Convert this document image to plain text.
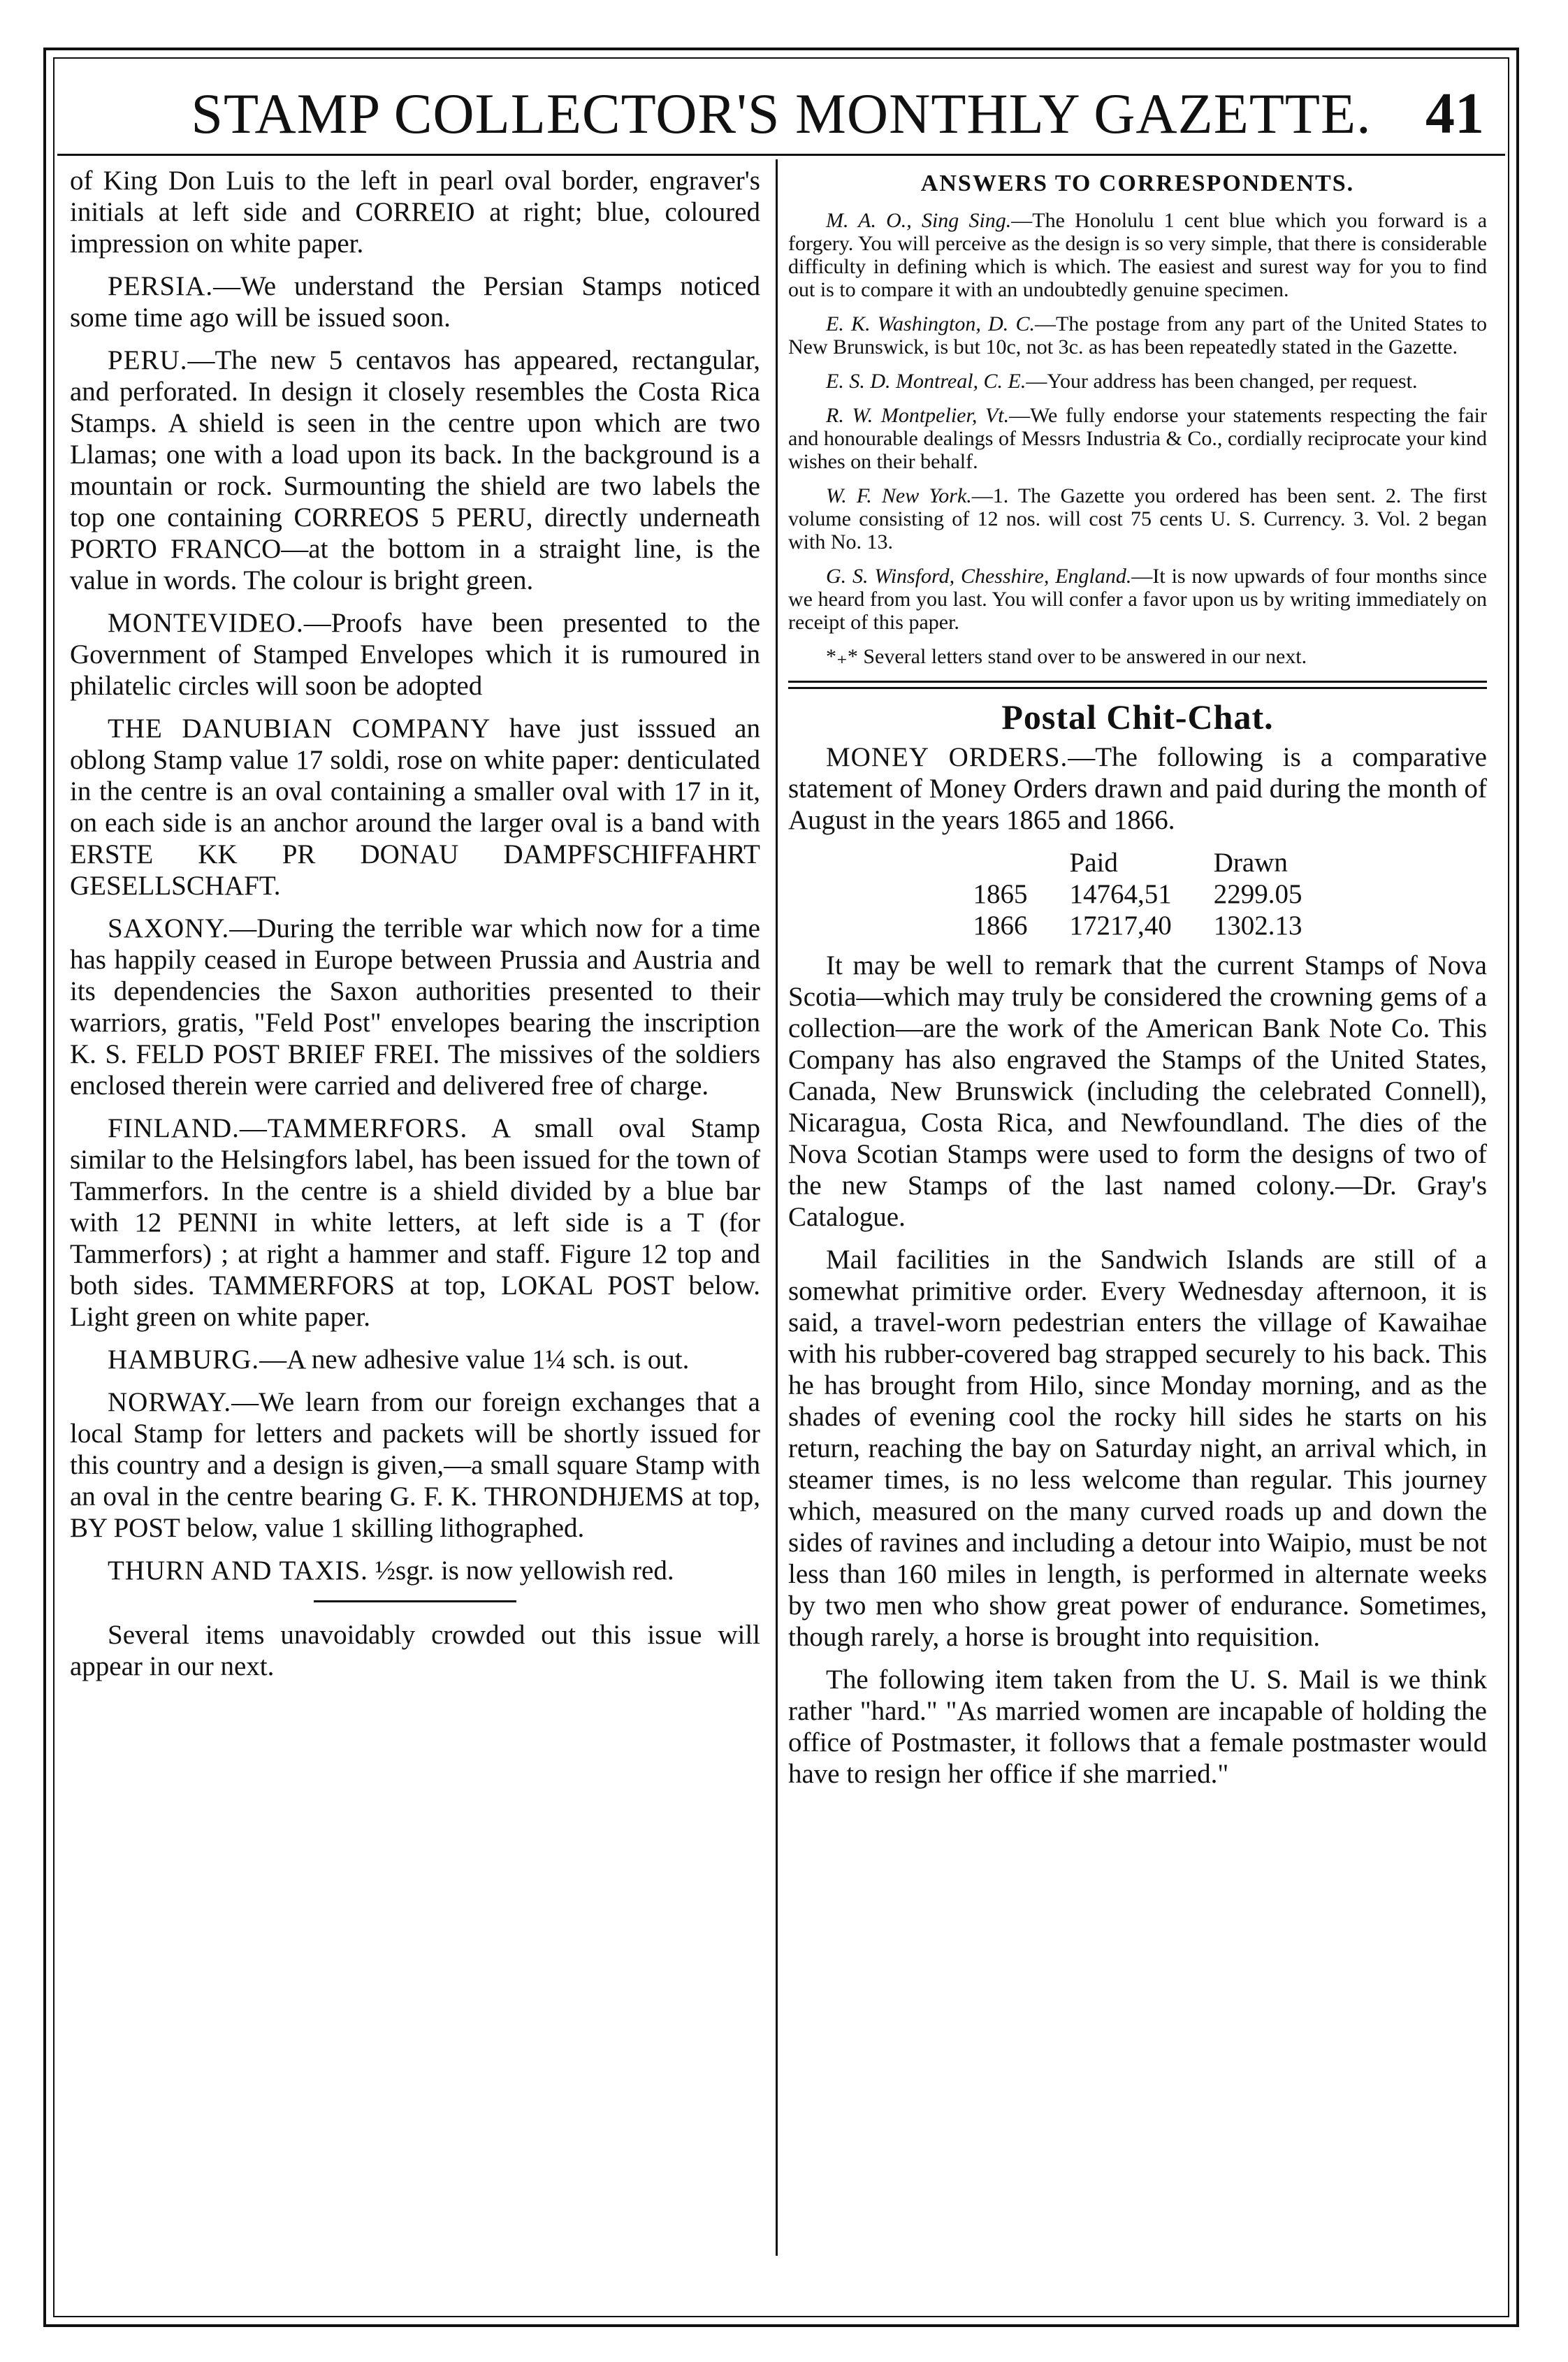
STAMP COLLECTOR'S MONTHLY GAZETTE. 41

of King Don Luis to the left in pearl oval border, engraver's initials at left side and CORREIO at right; blue, coloured impression on white paper.

PERSIA.—We understand the Persian Stamps noticed some time ago will be issued soon.

PERU.—The new 5 centavos has appeared, rectangular, and perforated. In design it closely resembles the Costa Rica Stamps. A shield is seen in the centre upon which are two Llamas; one with a load upon its back. In the background is a mountain or rock. Surmounting the shield are two labels the top one containing CORREOS 5 PERU, directly underneath PORTO FRANCO—at the bottom in a straight line, is the value in words. The colour is bright green.

MONTEVIDEO.—Proofs have been presented to the Government of Stamped Envelopes which it is rumoured in philatelic circles will soon be adopted

THE DANUBIAN COMPANY have just isssued an oblong Stamp value 17 soldi, rose on white paper: denticulated in the centre is an oval containing a smaller oval with 17 in it, on each side is an anchor around the larger oval is a band with ERSTE KK PR DONAU DAMPFSCHIFFAHRT GESELLSCHAFT.

SAXONY.—During the terrible war which now for a time has happily ceased in Europe between Prussia and Austria and its dependencies the Saxon authorities presented to their warriors, gratis, "Feld Post" envelopes bearing the inscription K. S. FELD POST BRIEF FREI. The missives of the soldiers enclosed therein were carried and delivered free of charge.

FINLAND.—TAMMERFORS. A small oval Stamp similar to the Helsingfors label, has been issued for the town of Tammerfors. In the centre is a shield divided by a blue bar with 12 PENNI in white letters, at left side is a T (for Tammerfors) ; at right a hammer and staff. Figure 12 top and both sides. TAMMERFORS at top, LOKAL POST below. Light green on white paper.

HAMBURG.—A new adhesive value 1¼ sch. is out.

NORWAY.—We learn from our foreign exchanges that a local Stamp for letters and packets will be shortly issued for this country and a design is given,—a small square Stamp with an oval in the centre bearing G. F. K. THRONDHJEMS at top, BY POST below, value 1 skilling lithographed.

THURN AND TAXIS. ½sgr. is now yellowish red.

Several items unavoidably crowded out this issue will appear in our next.

ANSWERS TO CORRESPONDENTS.

M. A. O., Sing Sing.—The Honolulu 1 cent blue which you forward is a forgery. You will perceive as the design is so very simple, that there is considerable difficulty in defining which is which. The easiest and surest way for you to find out is to compare it with an undoubtedly genuine specimen.

E. K. Washington, D. C.—The postage from any part of the United States to New Brunswick, is but 10c, not 3c. as has been repeatedly stated in the Gazette.

E. S. D. Montreal, C. E.—Your address has been changed, per request.

R. W. Montpelier, Vt.—We fully endorse your statements respecting the fair and honourable dealings of Messrs Industria & Co., cordially reciprocate your kind wishes on their behalf.

W. F. New York.—1. The Gazette you ordered has been sent. 2. The first volume consisting of 12 nos. will cost 75 cents U. S. Currency. 3. Vol. 2 began with No. 13.

G. S. Winsford, Chesshire, England.—It is now upwards of four months since we heard from you last. You will confer a favor upon us by writing immediately on receipt of this paper.

*₊* Several letters stand over to be answered in our next.

Postal Chit-Chat.

MONEY ORDERS.—The following is a comparative statement of Money Orders drawn and paid during the month of August in the years 1865 and 1866.

	Paid	Drawn
1865	14764,51	2299.05
1866	17217,40	1302.13

It may be well to remark that the current Stamps of Nova Scotia—which may truly be considered the crowning gems of a collection—are the work of the American Bank Note Co. This Company has also engraved the Stamps of the United States, Canada, New Brunswick (including the celebrated Connell), Nicaragua, Costa Rica, and Newfoundland. The dies of the Nova Scotian Stamps were used to form the designs of two of the new Stamps of the last named colony.—Dr. Gray's Catalogue.

Mail facilities in the Sandwich Islands are still of a somewhat primitive order. Every Wednesday afternoon, it is said, a travel-worn pedestrian enters the village of Kawaihae with his rubber-covered bag strapped securely to his back. This he has brought from Hilo, since Monday morning, and as the shades of evening cool the rocky hill sides he starts on his return, reaching the bay on Saturday night, an arrival which, in steamer times, is no less welcome than regular. This journey which, measured on the many curved roads up and down the sides of ravines and including a detour into Waipio, must be not less than 160 miles in length, is performed in alternate weeks by two men who show great power of endurance. Sometimes, though rarely, a horse is brought into requisition.

The following item taken from the U. S. Mail is we think rather "hard." "As married women are incapable of holding the office of Postmaster, it follows that a female postmaster would have to resign her office if she married."
